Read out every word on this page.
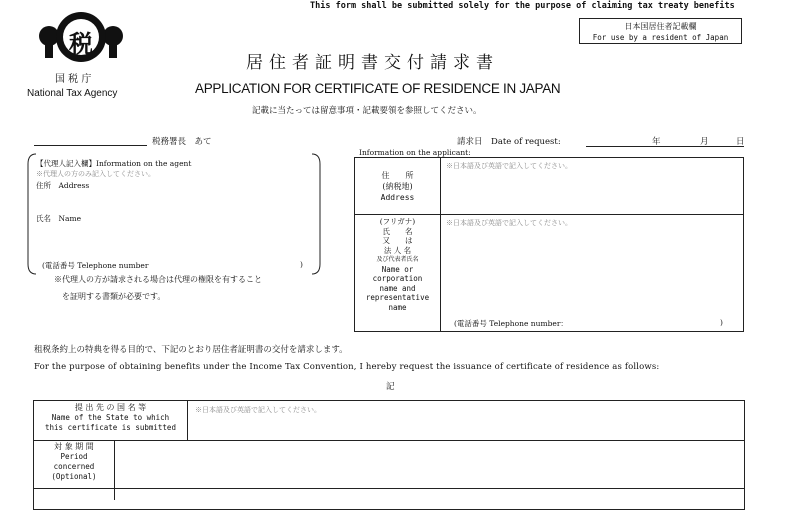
This form shall be submitted solely for the purpose of claiming tax treaty benefits
日本国居住者記載欄
For use by a resident of Japan
税
国 税 庁
National Tax Agency
居住者証明書交付請求書
APPLICATION FOR CERTIFICATE OF RESIDENCE IN JAPAN
記載に当たっては留意事項・記載要領を参照してください。
税務署長　あて	請求日　Date of request:	年	月	日
【代理人記入欄】Information on the agent
※代理人の方のみ記入してください。
住所　Address
氏名　Name
(電話番号 Telephone number	)
※代理人の方が請求される場合は代理の権限を有すること
を証明する書類が必要です。
Information on the applicant:
住　　所
(納税地)
Address
※日本語及び英語で記入してください。
(フリガナ)
氏　　名
又　　は
法 人 名
及び代表者氏名
Name or
corporation
name and
representative
name
※日本語及び英語で記入してください。
(電話番号 Telephone number：	)
租税条約上の特典を得る目的で、下記のとおり居住者証明書の交付を請求します。
For the purpose of obtaining benefits under the Income Tax Convention, I hereby request the issuance of certificate of residence as follows:
記
提 出 先 の 国 名 等
Name of the State to which
this certificate is submitted
※日本語及び英語で記入してください。
対 象 期 間
Period
concerned
(Optional)
